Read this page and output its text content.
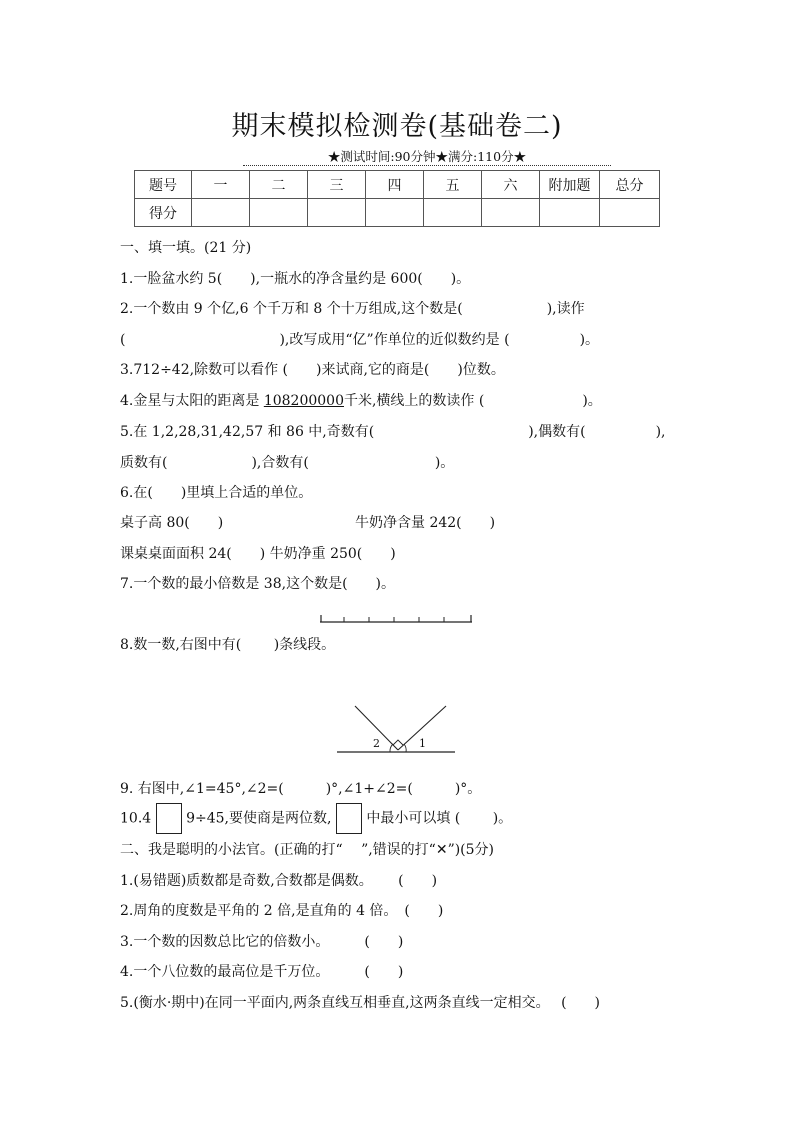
期末模拟检测卷(基础卷二)
★测试时间:90分钟★满分:110分★
题号	一	二	三	四	五	六	附加题	总分
得分								
一、填一填。(21 分)
1.一脸盆水约 5(　　),一瓶水的净含量约是 600(　　)。
2.一个数由 9 个亿,6 个千万和 8 个十万组成,这个数是(　　　　　　),读作
(　　　　　　　　　　　),改写成用“亿”作单位的近似数约是 (　　　　　)。
3.712÷42,除数可以看作 (　　)来试商,它的商是(　　)位数。
4.金星与太阳的距离是 108200000千米,横线上的数读作 (　　　　　　　)。
5.在 1,2,28,31,42,57 和 86 中,奇数有(　　　　　　　　　　　),偶数有(　　　　　),
质数有(　　　　　　),合数有(　　　　　　　　　)。
6.在(　　)里填上合适的单位。
桌子高 80(　　)	牛奶净含量 242(　　)
课桌桌面面积 24(　　) 牛奶净重 250(　　)
7.一个数的最小倍数是 38,这个数是(　　)。
8.数一数,右图中有(　　 )条线段。
2	1
9. 右图中,∠1=45°,∠2=(　　　)°,∠1+∠2=(　　　)°。
10.4 9÷45,要使商是两位数, 中最小可以填 (　　 )。
二、我是聪明的小法官。(正确的打“　 ”,错误的打“✕”)(5分)
1.(易错题)质数都是奇数,合数都是偶数。　　 (　　)
2.周角的度数是平角的 2 倍,是直角的 4 倍。　(　　)
3.一个数的因数总比它的倍数小。　　　(　　)
4.一个八位数的最高位是千万位。　　　(　　)
5.(衡水·期中)在同一平面内,两条直线互相垂直,这两条直线一定相交。　 (　　)
